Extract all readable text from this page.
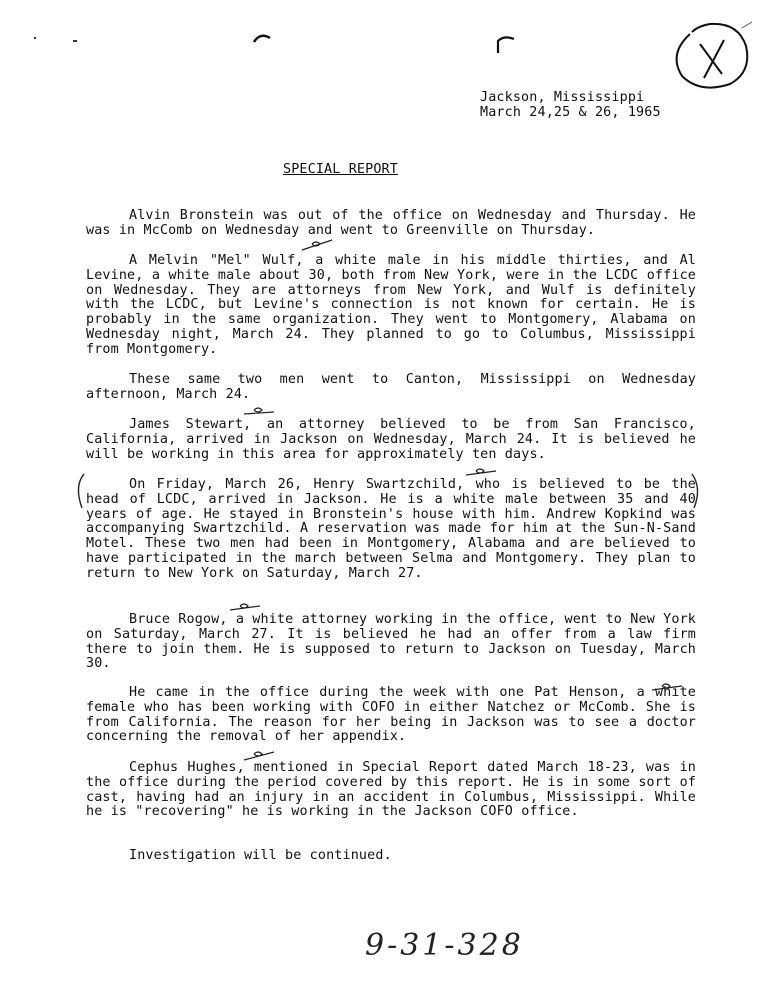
Jackson, Mississippi
March 24,25 & 26, 1965
SPECIAL REPORT

Alvin Bronstein was out of the office on Wednesday and Thursday. He was in McComb on Wednesday and went to Greenville on Thursday.

A Melvin "Mel" Wulf, a white male in his middle thirties, and Al Levine, a white male about 30, both from New York, were in the LCDC office on Wednesday. They are attorneys from New York, and Wulf is definitely with the LCDC, but Levine's connection is not known for certain. He is probably in the same organization. They went to Montgomery, Alabama on Wednesday night, March 24. They planned to go to Columbus, Mississippi from Montgomery.

These same two men went to Canton, Mississippi on Wednesday afternoon, March 24.

James Stewart, an attorney believed to be from San Francisco, California, arrived in Jackson on Wednesday, March 24. It is believed he will be working in this area for approximately ten days.

On Friday, March 26, Henry Swartzchild, who is believed to be the head of LCDC, arrived in Jackson. He is a white male between 35 and 40 years of age. He stayed in Bronstein's house with him. Andrew Kopkind was accompanying Swartzchild. A reservation was made for him at the Sun-N-Sand Motel. These two men had been in Montgomery, Alabama and are believed to have participated in the march between Selma and Montgomery. They plan to return to New York on Saturday, March 27.

Bruce Rogow, a white attorney working in the office, went to New York on Saturday, March 27. It is believed he had an offer from a law firm there to join them. He is supposed to return to Jackson on Tuesday, March 30.

He came in the office during the week with one Pat Henson, a white female who has been working with COFO in either Natchez or McComb. She is from California. The reason for her being in Jackson was to see a doctor concerning the removal of her appendix.

Cephus Hughes, mentioned in Special Report dated March 18-23, was in the office during the period covered by this report. He is in some sort of cast, having had an injury in an accident in Columbus, Mississippi. While he is "recovering" he is working in the Jackson COFO office.

Investigation will be continued.

9-31-328
